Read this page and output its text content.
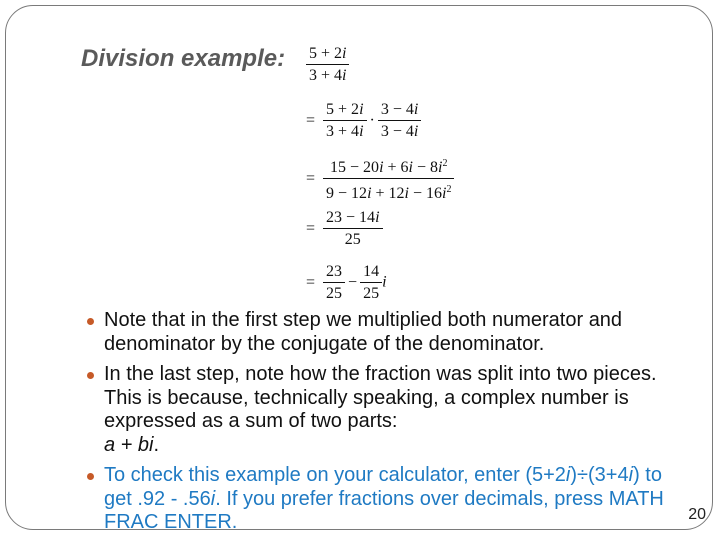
Division example: $\frac{5 + 2i}{3 + 4i}$
= $\frac{5 + 2i}{3 + 4i} \cdot \frac{3 - 4i}{3 - 4i}$
= $\frac{15 - 20i + 6i - 8i^2}{9 - 12i + 12i - 16i^2}$
= $\frac{23 - 14i}{25}$
= $\frac{23}{25} - \frac{14}{25}$ i
Note that in the first step we multiplied both numerator and denominator by the conjugate of the denominator.
In the last step, note how the fraction was split into two pieces. This is because, technically speaking, a complex number is expressed as a sum of two parts:
a + bi.
To check this example on your calculator, enter (5+2i)÷(3+4i) to get .92 - .56i. If you prefer fractions over decimals, press MATH FRAC ENTER.	20
